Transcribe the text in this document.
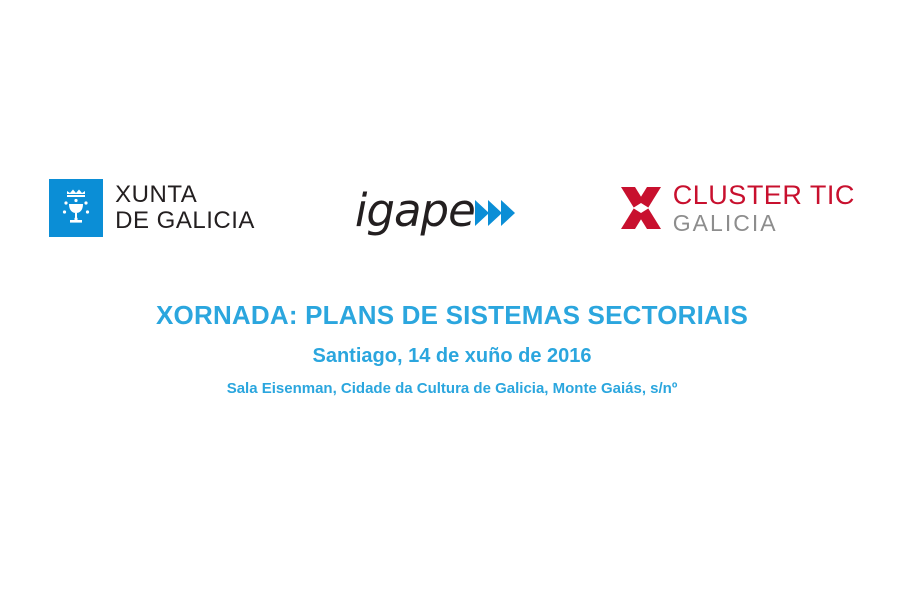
XUNTA
DE GALICIA igape	CLUSTER TIC
GALICIA
XORNADA: PLANS DE SISTEMAS SECTORIAIS
Santiago, 14 de xuño de 2016
Sala Eisenman, Cidade da Cultura de Galicia, Monte Gaiás, s/nº
